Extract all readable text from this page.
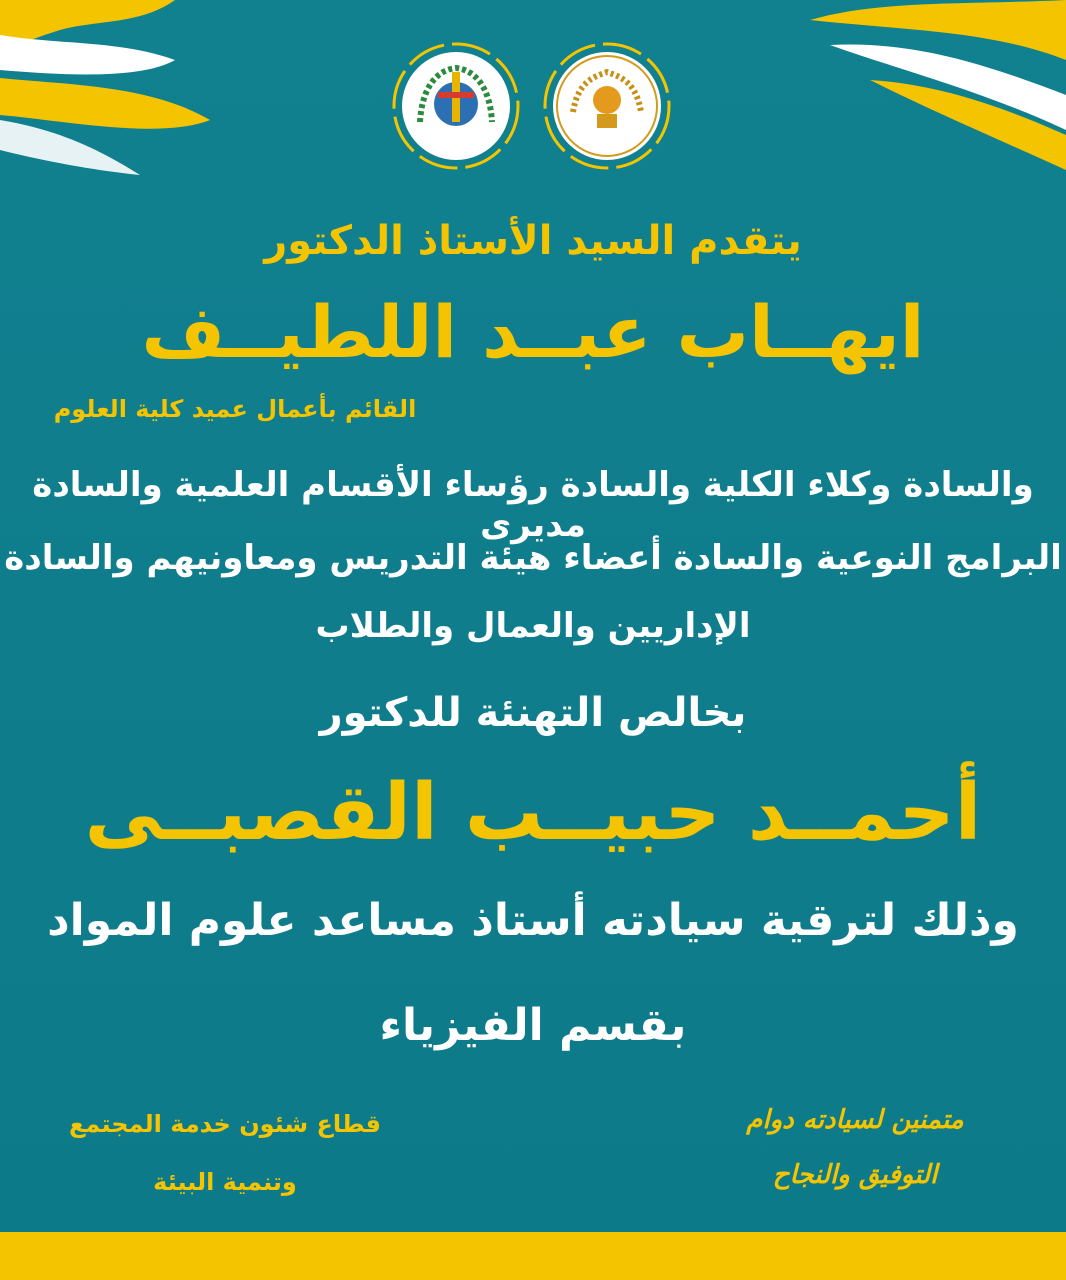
يتقدم السيد الأستاذ الدكتور

ايهــاب عبــد اللطيــف

القائم بأعمال عميد كلية العلوم

والسادة وكلاء الكلية والسادة رؤساء الأقسام العلمية والسادة مديرى

البرامج النوعية والسادة أعضاء هيئة التدريس ومعاونيهم والسادة

الإداريين والعمال والطلاب

بخالص التهنئة للدكتور

أحمــد حبيــب القصبــى

وذلك لترقية سيادته أستاذ مساعد علوم المواد

بقسم الفيزياء

قطاع شئون خدمة المجتمع
وتنمية البيئة
متمنين لسيادته دوام
التوفيق والنجاح
